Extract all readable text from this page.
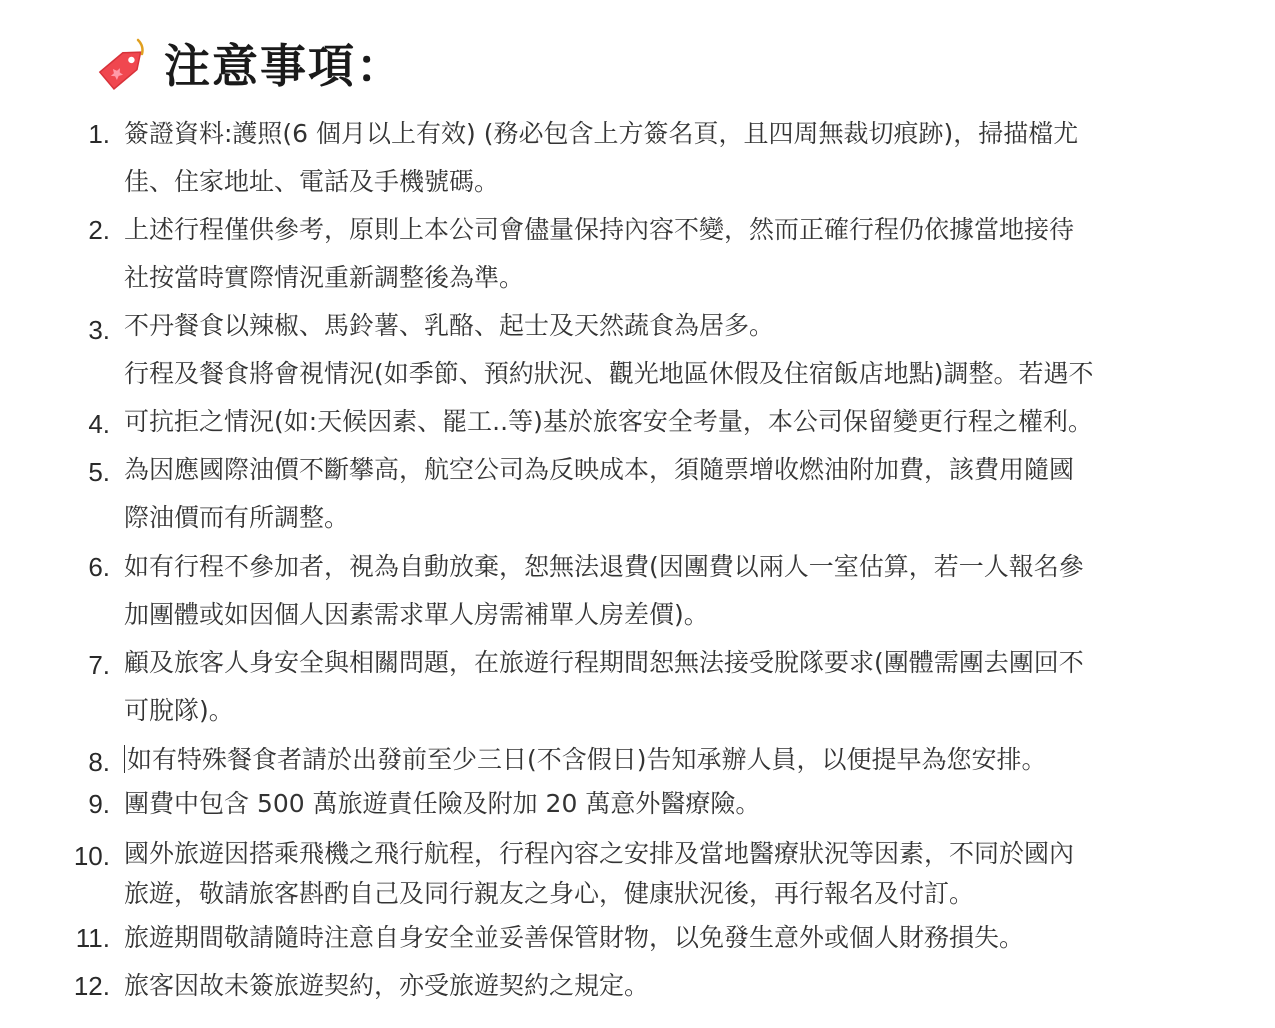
注意事項：
1. 簽證資料:護照(6 個月以上有效) (務必包含上方簽名頁，且四周無裁切痕跡)，掃描檔尤
佳、住家地址、電話及手機號碼。
2. 上述行程僅供參考，原則上本公司會儘量保持內容不變，然而正確行程仍依據當地接待
社按當時實際情況重新調整後為準。
3. 不丹餐食以辣椒、馬鈴薯、乳酪、起士及天然蔬食為居多。
行程及餐食將會視情況(如季節、預約狀況、觀光地區休假及住宿飯店地點)調整。若遇不
4. 可抗拒之情況(如:天候因素、罷工..等)基於旅客安全考量，本公司保留變更行程之權利。
5. 為因應國際油價不斷攀高，航空公司為反映成本，須隨票增收燃油附加費，該費用隨國
際油價而有所調整。
6. 如有行程不參加者，視為自動放棄，恕無法退費(因團費以兩人一室估算，若一人報名參
加團體或如因個人因素需求單人房需補單人房差價)。
7. 顧及旅客人身安全與相關問題，在旅遊行程期間恕無法接受脫隊要求(團體需團去團回不
可脫隊)。
8. 如有特殊餐食者請於出發前至少三日(不含假日)告知承辦人員，以便提早為您安排。
9. 團費中包含 500 萬旅遊責任險及附加 20 萬意外醫療險。
10. 國外旅遊因搭乘飛機之飛行航程，行程內容之安排及當地醫療狀況等因素，不同於國內
旅遊，敬請旅客斟酌自己及同行親友之身心，健康狀況後，再行報名及付訂。
11. 旅遊期間敬請隨時注意自身安全並妥善保管財物，以免發生意外或個人財務損失。
12. 旅客因故未簽旅遊契約，亦受旅遊契約之規定。
